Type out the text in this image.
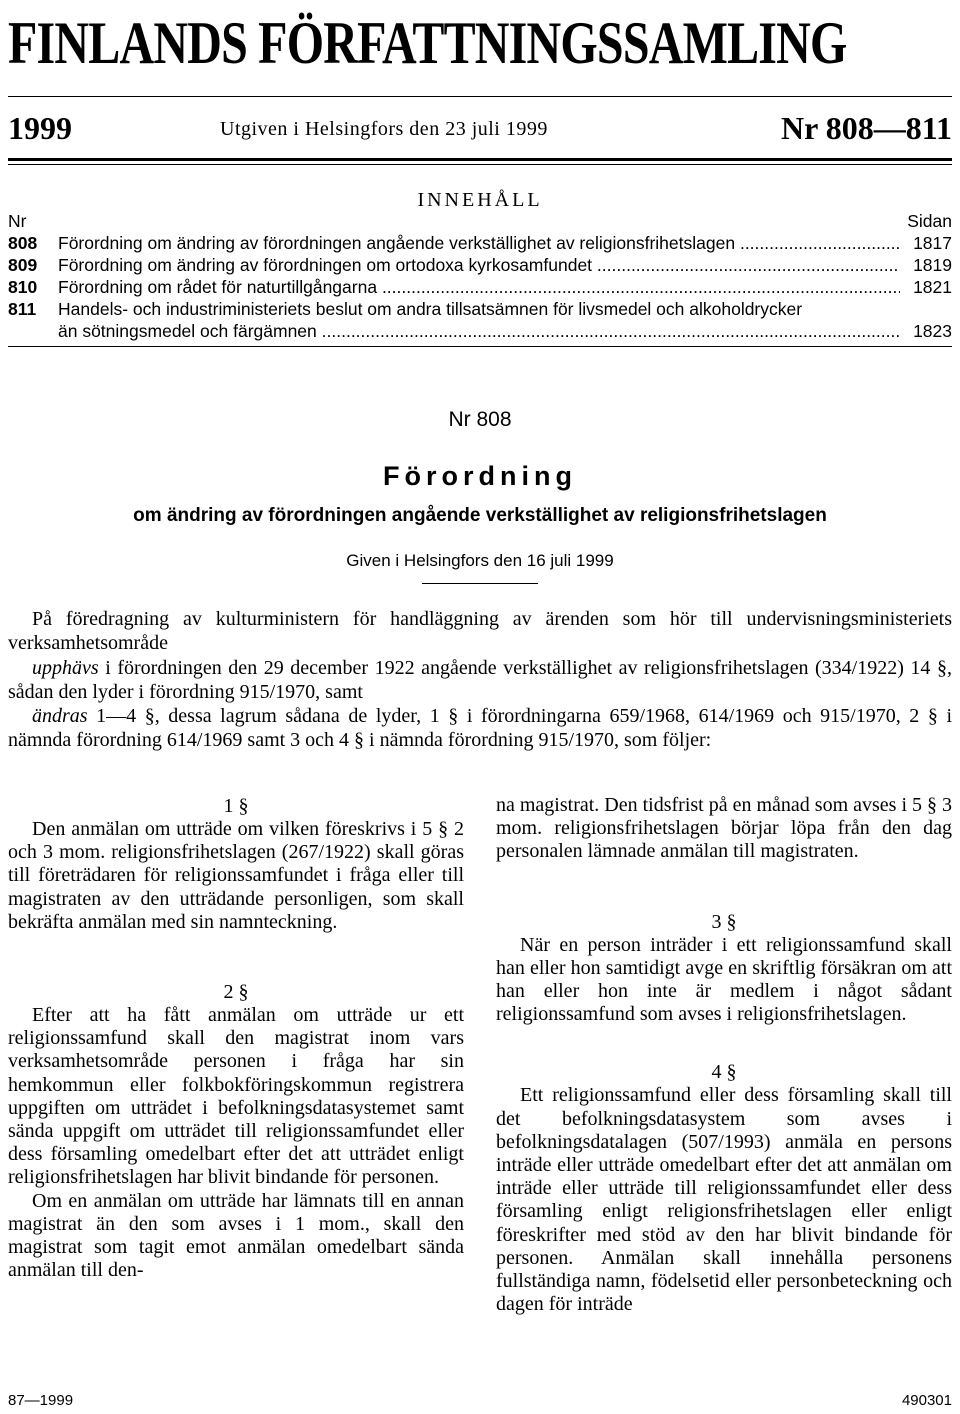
FINLANDS FÖRFATTNINGSSAMLING
1999	Utgiven i Helsingfors den 23 juli 1999	Nr 808—811
INNEHÅLL
Nr	Sidan
808 Förordning om ändring av förordningen angående verkställighet av religionsfrihetslagen .....	1817
809 Förordning om ändring av förordningen om ortodoxa kyrkosamfundet .....	1819
810 Förordning om rådet för naturtillgångarna .....	1821
811 Handels- och industriministeriets beslut om andra tillsatsämnen för livsmedel och alkoholdrycker
än sötningsmedel och färgämnen .....	1823
Nr 808
Förordning
om ändring av förordningen angående verkställighet av religionsfrihetslagen
Given i Helsingfors den 16 juli 1999

På föredragning av kulturministern för handläggning av ärenden som hör till undervisningsministeriets verksamhetsområde

upphävs i förordningen den 29 december 1922 angående verkställighet av religionsfrihetslagen (334/1922) 14 §, sådan den lyder i förordning 915/1970, samt

ändras 1—4 §, dessa lagrum sådana de lyder, 1 § i förordningarna 659/1968, 614/1969 och 915/1970, 2 § i nämnda förordning 614/1969 samt 3 och 4 § i nämnda förordning 915/1970, som följer:

1 §

Den anmälan om utträde om vilken föreskrivs i 5 § 2 och 3 mom. religionsfrihetslagen (267/1922) skall göras till företrädaren för religionssamfundet i fråga eller till magistraten av den utträdande personligen, som skall bekräfta anmälan med sin namnteckning.

2 §

Efter att ha fått anmälan om utträde ur ett religionssamfund skall den magistrat inom vars verksamhetsområde personen i fråga har sin hemkommun eller folkbokföringskommun registrera uppgiften om utträdet i befolkningsdatasystemet samt sända uppgift om utträdet till religionssamfundet eller dess församling omedelbart efter det att utträdet enligt religionsfrihetslagen har blivit bindande för personen.

Om en anmälan om utträde har lämnats till en annan magistrat än den som avses i 1 mom., skall den magistrat som tagit emot anmälan omedelbart sända anmälan till den-

na magistrat. Den tidsfrist på en månad som avses i 5 § 3 mom. religionsfrihetslagen börjar löpa från den dag personalen lämnade anmälan till magistraten.

3 §

När en person inträder i ett religionssamfund skall han eller hon samtidigt avge en skriftlig försäkran om att han eller hon inte är medlem i något sådant religionssamfund som avses i religionsfrihetslagen.

4 §

Ett religionssamfund eller dess församling skall till det befolkningsdatasystem som avses i befolkningsdatalagen (507/1993) anmäla en persons inträde eller utträde omedelbart efter det att anmälan om inträde eller utträde till religionssamfundet eller dess församling enligt religionsfrihetslagen eller enligt föreskrifter med stöd av den har blivit bindande för personen. Anmälan skall innehålla personens fullständiga namn, födelsetid eller personbeteckning och dagen för inträde

87—1999	490301
